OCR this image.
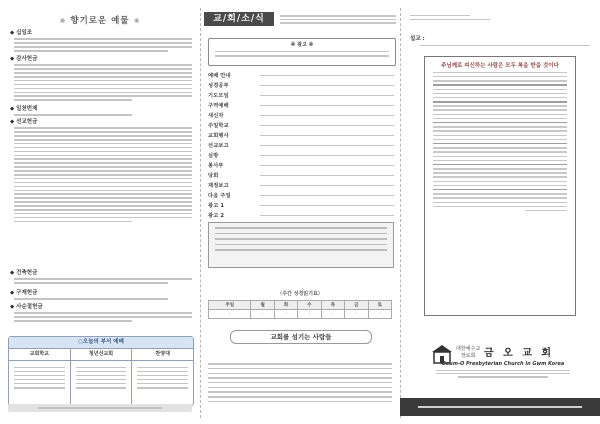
❀ 향기로운 예물 ❀
◆ 십일조
◆ 감사헌금
◆ 일천번제
◆ 선교헌금
◆ 건축헌금
◆ 구제헌금
◆ 사순절헌금
○오늘의 부서 예배
교회학교	청년선교회	찬양대
교/회/소/식
※ 광고 ※
예배 안내
성경공부
기도모임
구역예배
새신자
주일학교
교회행사
선교보고
심방
봉사부
당회
재정보고
다음 주일
광고 1
광고 2
〈주간 성경읽기표〉
주일	월	화	수	목	금	토
·	·	·	·	·	·	·
교회를 섬기는 사람들
설교 :
주님께로 피신하는 사람은 모두 복을 받을 것이다
대한예수교
장로회 금 오 교 회
Geum-O Presbyterian Church in Gwm Korea
